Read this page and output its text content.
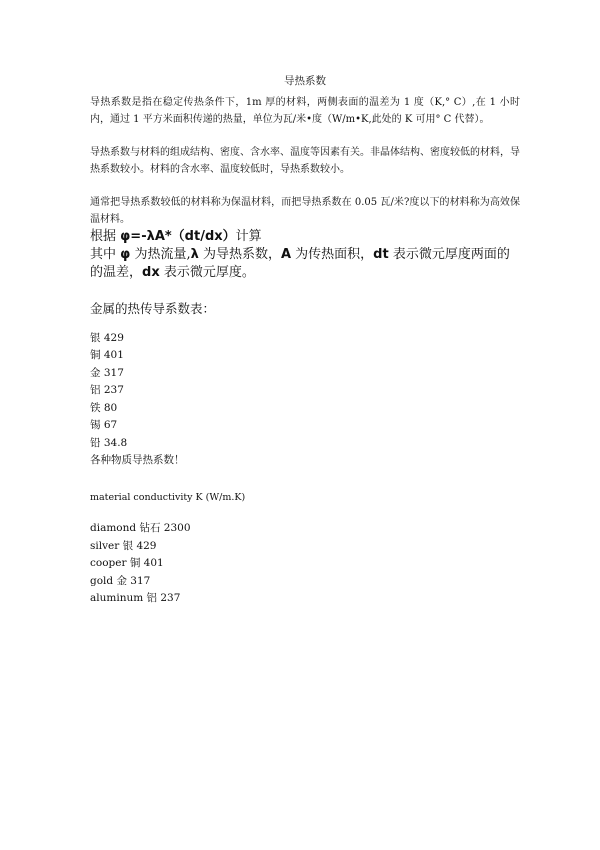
导热系数

导热系数是指在稳定传热条件下，1m 厚的材料，两侧表面的温差为 1 度（K,° C）,在 1 小时内，通过 1 平方米面积传递的热量，单位为瓦/米•度（W/m•K,此处的 K 可用° C 代替）。

导热系数与材料的组成结构、密度、含水率、温度等因素有关。非晶体结构、密度较低的材料，导热系数较小。材料的含水率、温度较低时，导热系数较小。

通常把导热系数较低的材料称为保温材料，而把导热系数在 0.05 瓦/米?度以下的材料称为高效保温材料。

根据 φ=-λA*（dt/dx）计算

其中 φ 为热流量,λ 为导热系数，A 为传热面积，dt 表示微元厚度两面的的温差，dx 表示微元厚度。

金属的热传导系数表：

银 429
铜 401
金 317
铝 237
铁 80
锡 67
铅 34.8

各种物质导热系数！

material conductivity K (W/m.K)

diamond 钻石 2300
silver 银 429
cooper 铜 401
gold 金 317
aluminum 铝 237
